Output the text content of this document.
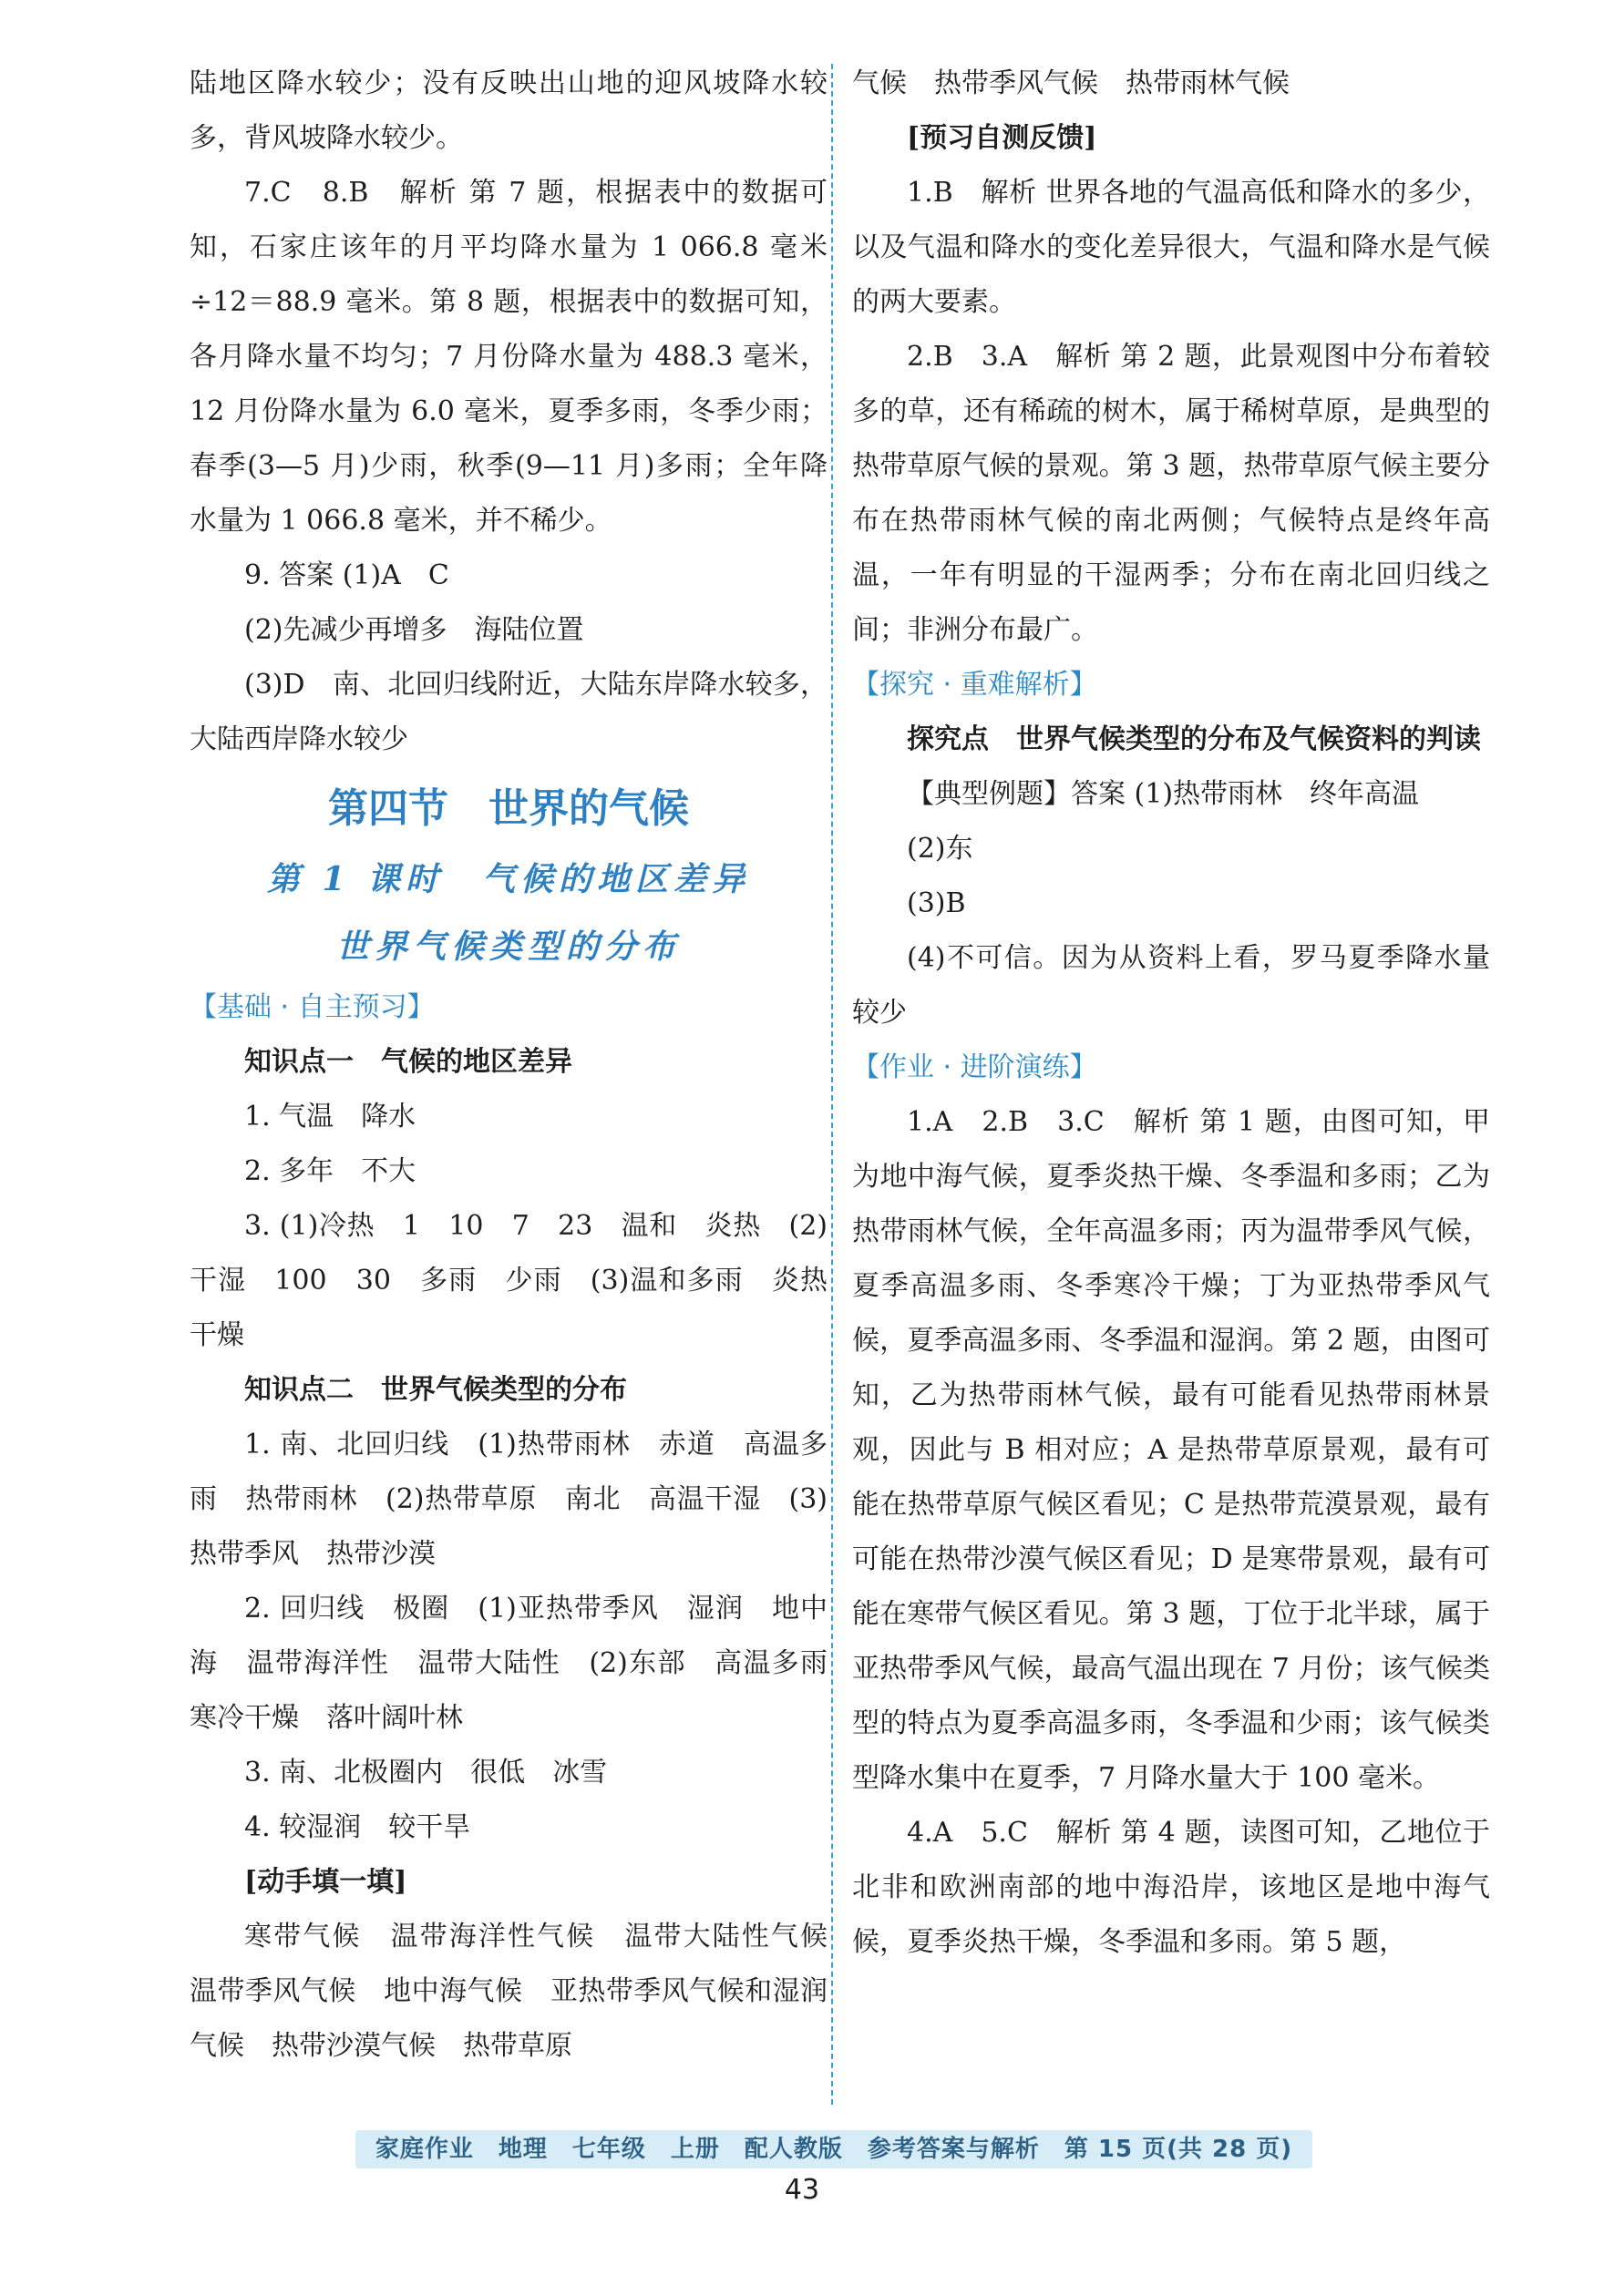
陆地区降水较少；没有反映出山地的迎风坡降水较多，背风坡降水较少。

7.C　8.B　解析 第 7 题，根据表中的数据可知，石家庄该年的月平均降水量为 1 066.8 毫米÷12＝88.9 毫米。第 8 题，根据表中的数据可知，各月降水量不均匀；7 月份降水量为 488.3 毫米，12 月份降水量为 6.0 毫米，夏季多雨，冬季少雨；春季(3—5 月)少雨，秋季(9—11 月)多雨；全年降水量为 1 066.8 毫米，并不稀少。

9. 答案 (1)A　C

(2)先减少再增多　海陆位置

(3)D　南、北回归线附近，大陆东岸降水较多，大陆西岸降水较少

第四节　世界的气候
第 1 课时　气候的地区差异
世界气候类型的分布
【基础 · 自主预习】

知识点一　气候的地区差异

1. 气温　降水

2. 多年　不大

3. (1)冷热　1　10　7　23　温和　炎热　(2)干湿　100　30　多雨　少雨　(3)温和多雨　炎热干燥

知识点二　世界气候类型的分布

1. 南、北回归线　(1)热带雨林　赤道　高温多雨　热带雨林　(2)热带草原　南北　高温干湿　(3)热带季风　热带沙漠

2. 回归线　极圈　(1)亚热带季风　湿润　地中海　温带海洋性　温带大陆性　(2)东部　高温多雨　寒冷干燥　落叶阔叶林

3. 南、北极圈内　很低　冰雪

4. 较湿润　较干旱

[动手填一填]

寒带气候　温带海洋性气候　温带大陆性气候　温带季风气候　地中海气候　亚热带季风气候和湿润气候　热带沙漠气候　热带草原

气候　热带季风气候　热带雨林气候

[预习自测反馈]

1.B　解析 世界各地的气温高低和降水的多少，以及气温和降水的变化差异很大，气温和降水是气候的两大要素。

2.B　3.A　解析 第 2 题，此景观图中分布着较多的草，还有稀疏的树木，属于稀树草原，是典型的热带草原气候的景观。第 3 题，热带草原气候主要分布在热带雨林气候的南北两侧；气候特点是终年高温，一年有明显的干湿两季；分布在南北回归线之间；非洲分布最广。

【探究 · 重难解析】

探究点　世界气候类型的分布及气候资料的判读

【典型例题】答案 (1)热带雨林　终年高温

(2)东

(3)B

(4)不可信。因为从资料上看，罗马夏季降水量较少

【作业 · 进阶演练】

1.A　2.B　3.C　解析 第 1 题，由图可知，甲为地中海气候，夏季炎热干燥、冬季温和多雨；乙为热带雨林气候，全年高温多雨；丙为温带季风气候，夏季高温多雨、冬季寒冷干燥；丁为亚热带季风气候，夏季高温多雨、冬季温和湿润。第 2 题，由图可知，乙为热带雨林气候，最有可能看见热带雨林景观，因此与 B 相对应；A 是热带草原景观，最有可能在热带草原气候区看见；C 是热带荒漠景观，最有可能在热带沙漠气候区看见；D 是寒带景观，最有可能在寒带气候区看见。第 3 题，丁位于北半球，属于亚热带季风气候，最高气温出现在 7 月份；该气候类型的特点为夏季高温多雨，冬季温和少雨；该气候类型降水集中在夏季，7 月降水量大于 100 毫米。

4.A　5.C　解析 第 4 题，读图可知，乙地位于北非和欧洲南部的地中海沿岸，该地区是地中海气候，夏季炎热干燥，冬季温和多雨。第 5 题，

家庭作业　地理　七年级　上册　配人教版　参考答案与解析　第 15 页(共 28 页)
43
